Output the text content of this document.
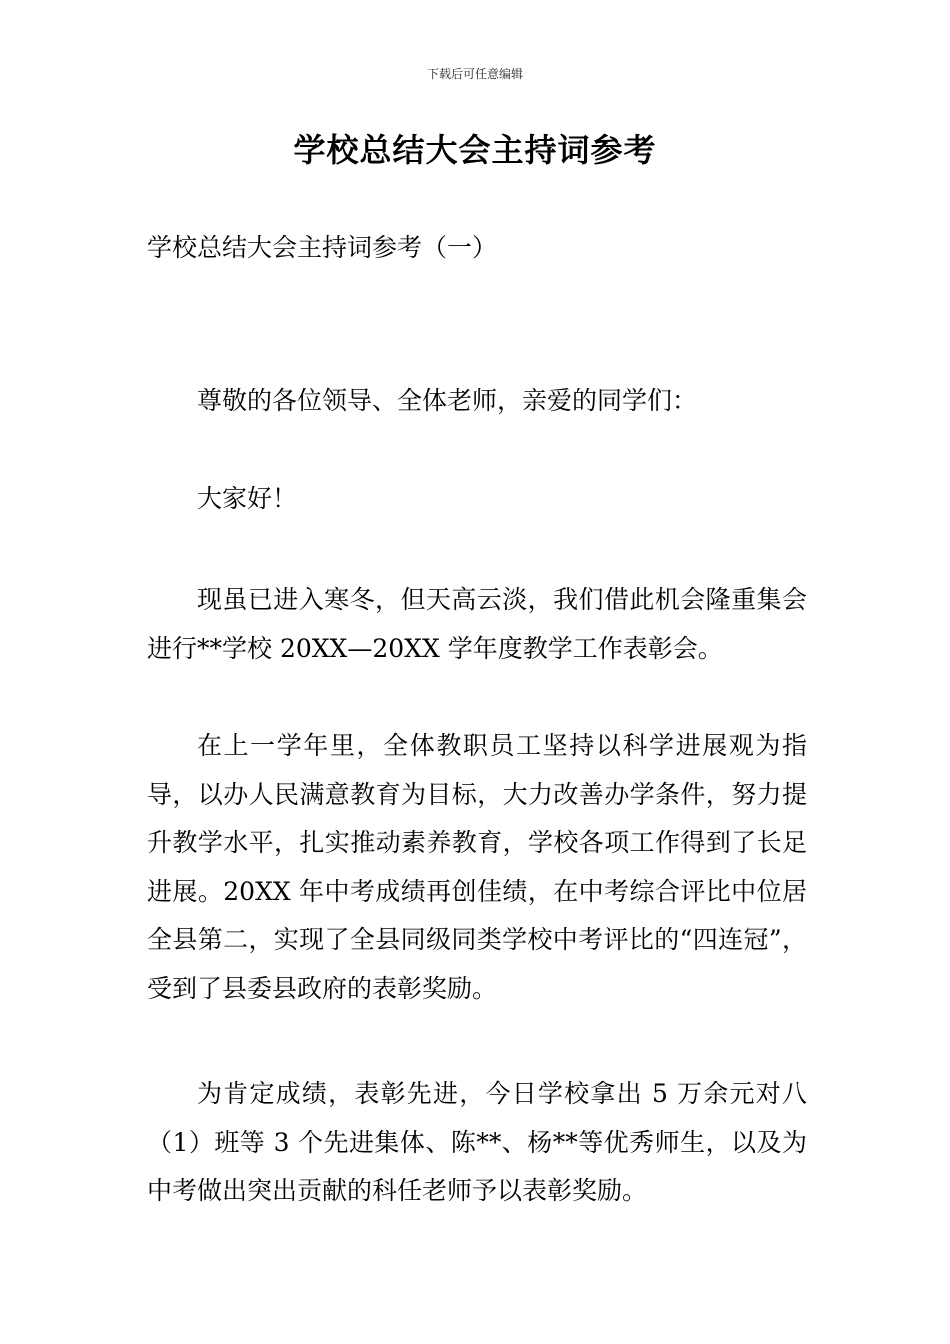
下载后可任意编辑
学校总结大会主持词参考
学校总结大会主持词参考（一）

尊敬的各位领导、全体老师，亲爱的同学们：

大家好！

现虽已进入寒冬，但天高云淡，我们借此机会隆重集会进行**学校 20XX—20XX 学年度教学工作表彰会。

在上一学年里，全体教职员工坚持以科学进展观为指导，以办人民满意教育为目标，大力改善办学条件，努力提升教学水平，扎实推动素养教育，学校各项工作得到了长足进展。20XX 年中考成绩再创佳绩，在中考综合评比中位居全县第二，实现了全县同级同类学校中考评比的“四连冠”，受到了县委县政府的表彰奖励。

为肯定成绩，表彰先进，今日学校拿出 5 万余元对八（1）班等 3 个先进集体、陈**、杨**等优秀师生，以及为中考做出突出贡献的科任老师予以表彰奖励。
